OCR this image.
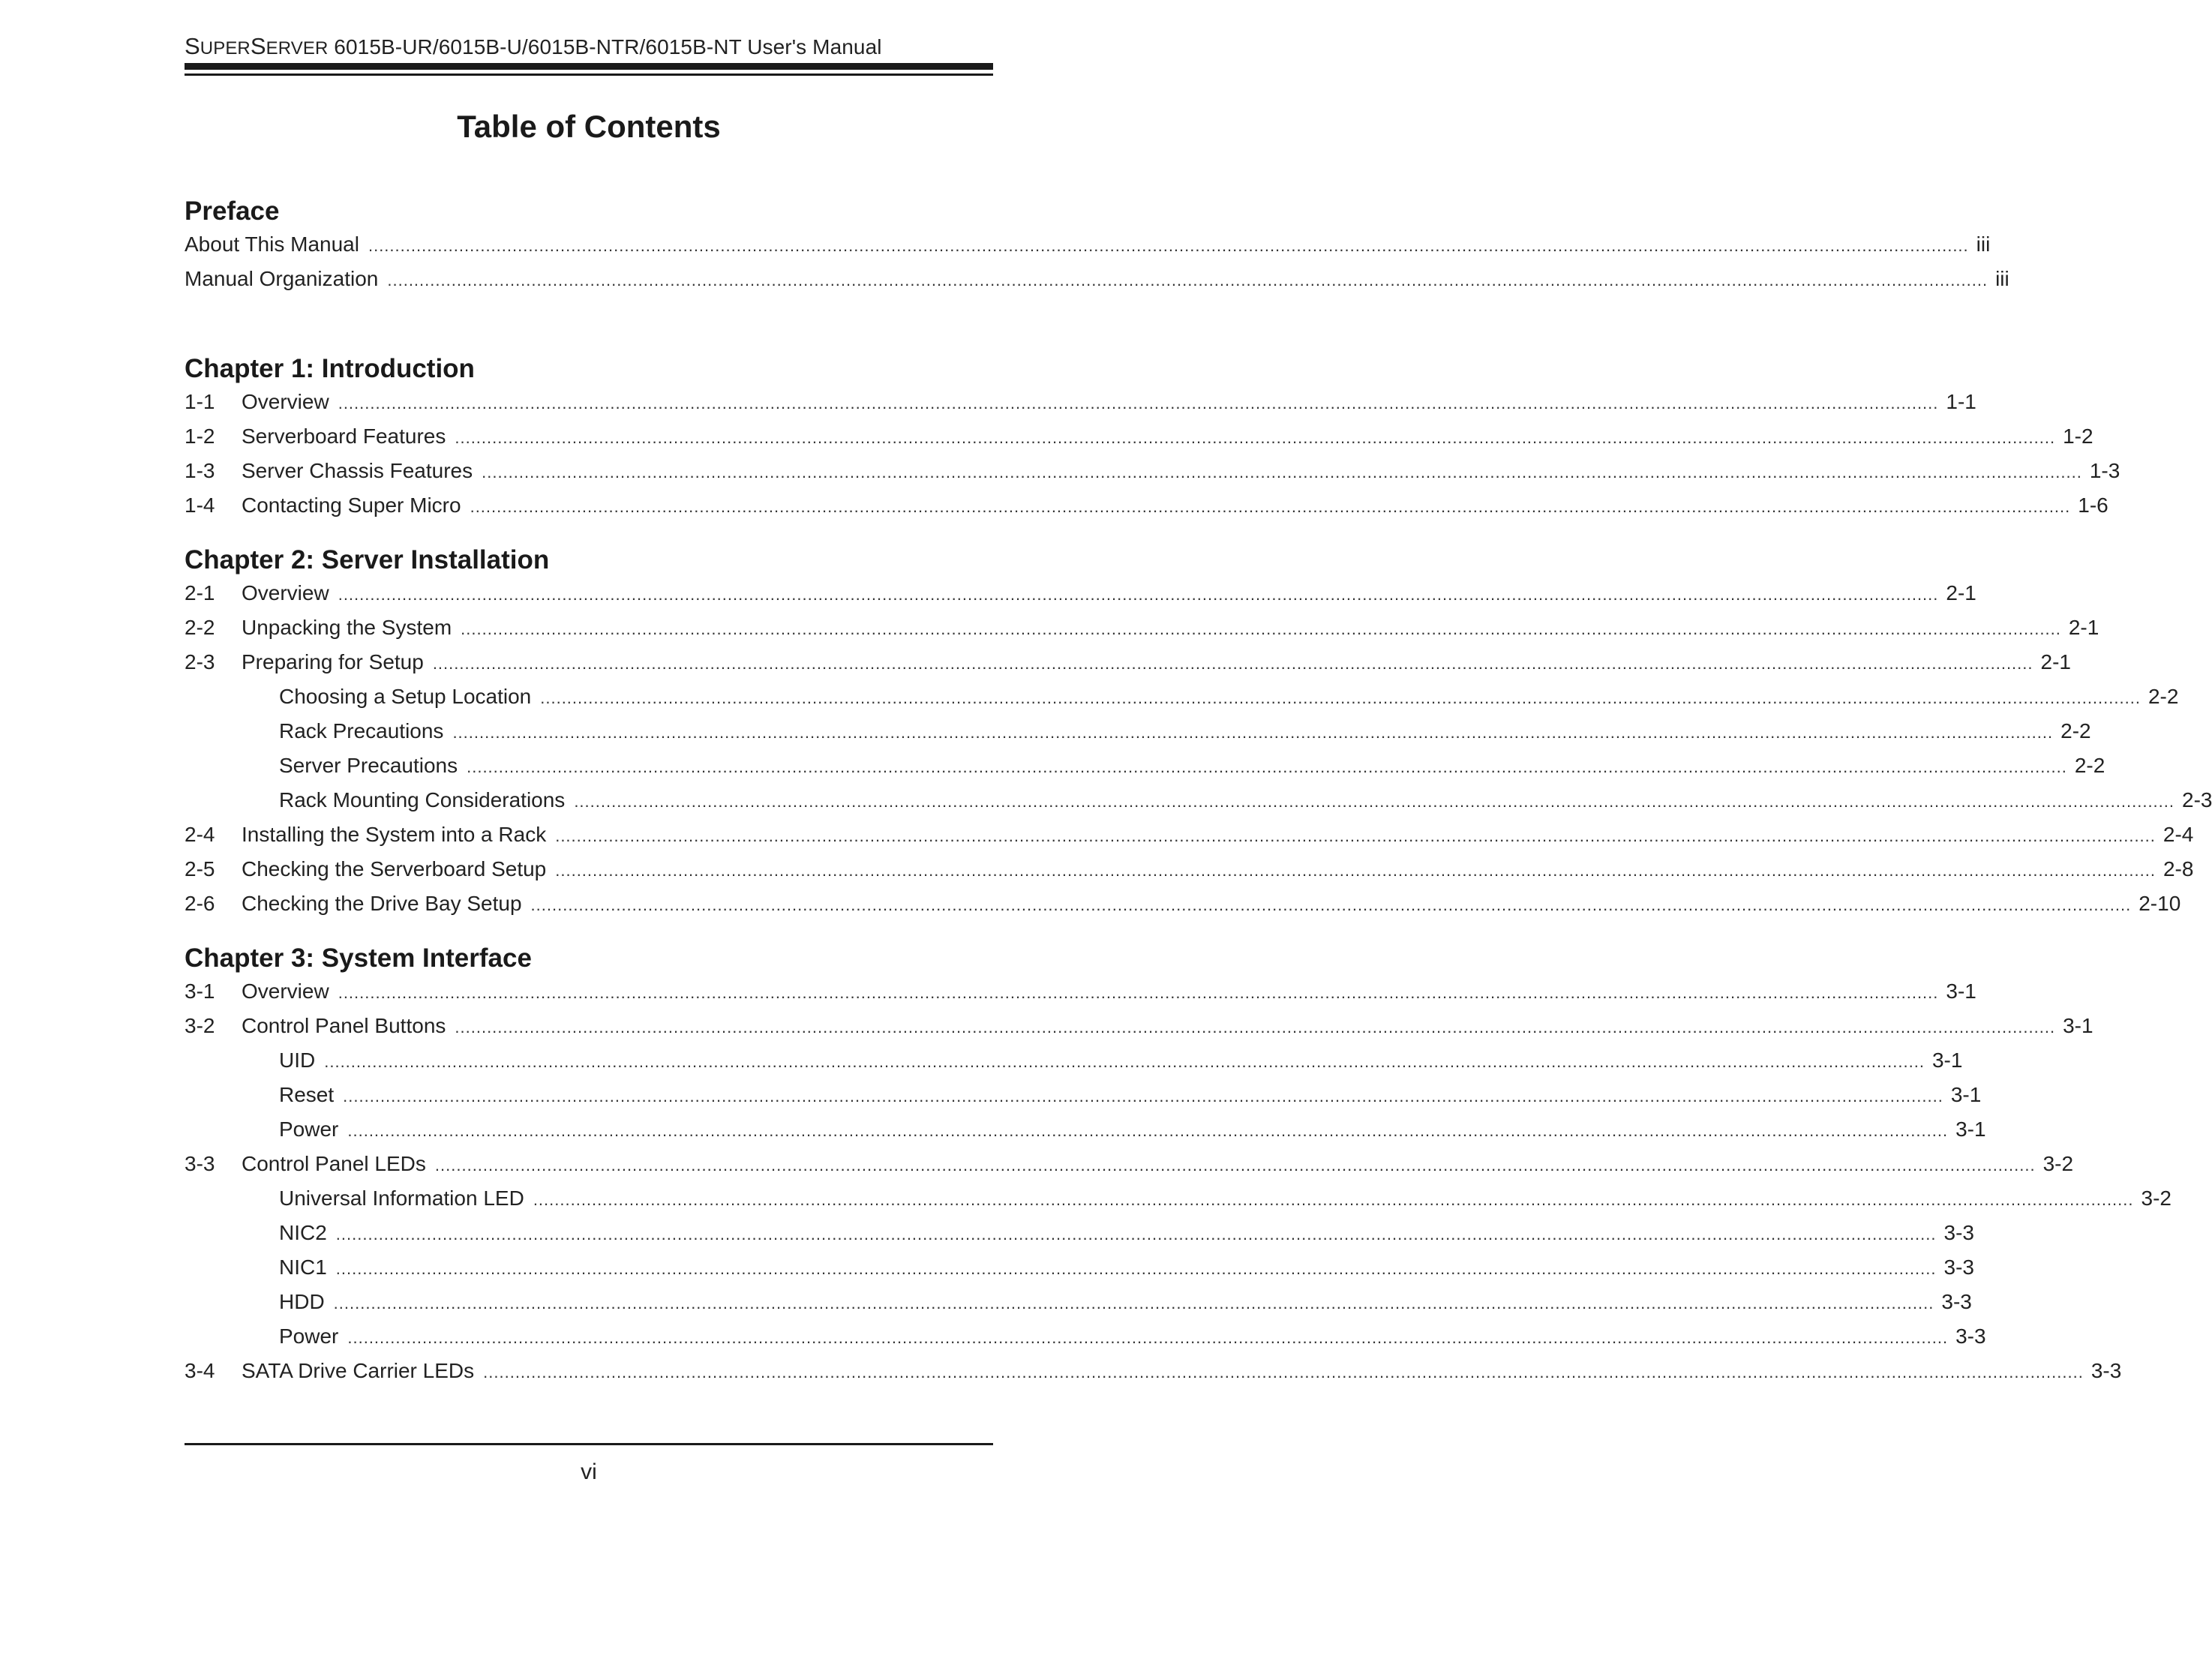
SUPERSERVER 6015B-UR/6015B-U/6015B-NTR/6015B-NT User's Manual
Table of Contents
Preface
About This Manual ............................................................................................................................................................................................................................................................................................................ iii
Manual Organization ............................................................................................................................................................................................................................................................................................................ iii
Chapter 1: Introduction
1-1	Overview ............................................................................................................................................................................................................................................................................................................ 1-1
1-2	Serverboard Features ............................................................................................................................................................................................................................................................................................................ 1-2
1-3	Server Chassis Features ............................................................................................................................................................................................................................................................................................................ 1-3
1-4	Contacting Super Micro ............................................................................................................................................................................................................................................................................................................ 1-6
Chapter 2: Server Installation
2-1	Overview ............................................................................................................................................................................................................................................................................................................ 2-1
2-2	Unpacking the System ............................................................................................................................................................................................................................................................................................................ 2-1
2-3	Preparing for Setup ............................................................................................................................................................................................................................................................................................................ 2-1
Choosing a Setup Location ............................................................................................................................................................................................................................................................................................................ 2-2
Rack Precautions ............................................................................................................................................................................................................................................................................................................ 2-2
Server Precautions ............................................................................................................................................................................................................................................................................................................ 2-2
Rack Mounting Considerations ............................................................................................................................................................................................................................................................................................................ 2-3
2-4	Installing the System into a Rack ............................................................................................................................................................................................................................................................................................................ 2-4
2-5	Checking the Serverboard Setup ............................................................................................................................................................................................................................................................................................................ 2-8
2-6	Checking the Drive Bay Setup ............................................................................................................................................................................................................................................................................................................ 2-10
Chapter 3: System Interface
3-1	Overview ............................................................................................................................................................................................................................................................................................................ 3-1
3-2	Control Panel Buttons ............................................................................................................................................................................................................................................................................................................ 3-1
UID ............................................................................................................................................................................................................................................................................................................ 3-1
Reset ............................................................................................................................................................................................................................................................................................................ 3-1
Power ............................................................................................................................................................................................................................................................................................................ 3-1
3-3	Control Panel LEDs ............................................................................................................................................................................................................................................................................................................ 3-2
Universal Information LED ............................................................................................................................................................................................................................................................................................................ 3-2
NIC2 ............................................................................................................................................................................................................................................................................................................ 3-3
NIC1 ............................................................................................................................................................................................................................................................................................................ 3-3
HDD ............................................................................................................................................................................................................................................................................................................ 3-3
Power ............................................................................................................................................................................................................................................................................................................ 3-3
3-4	SATA Drive Carrier LEDs ............................................................................................................................................................................................................................................................................................................ 3-3
vi
